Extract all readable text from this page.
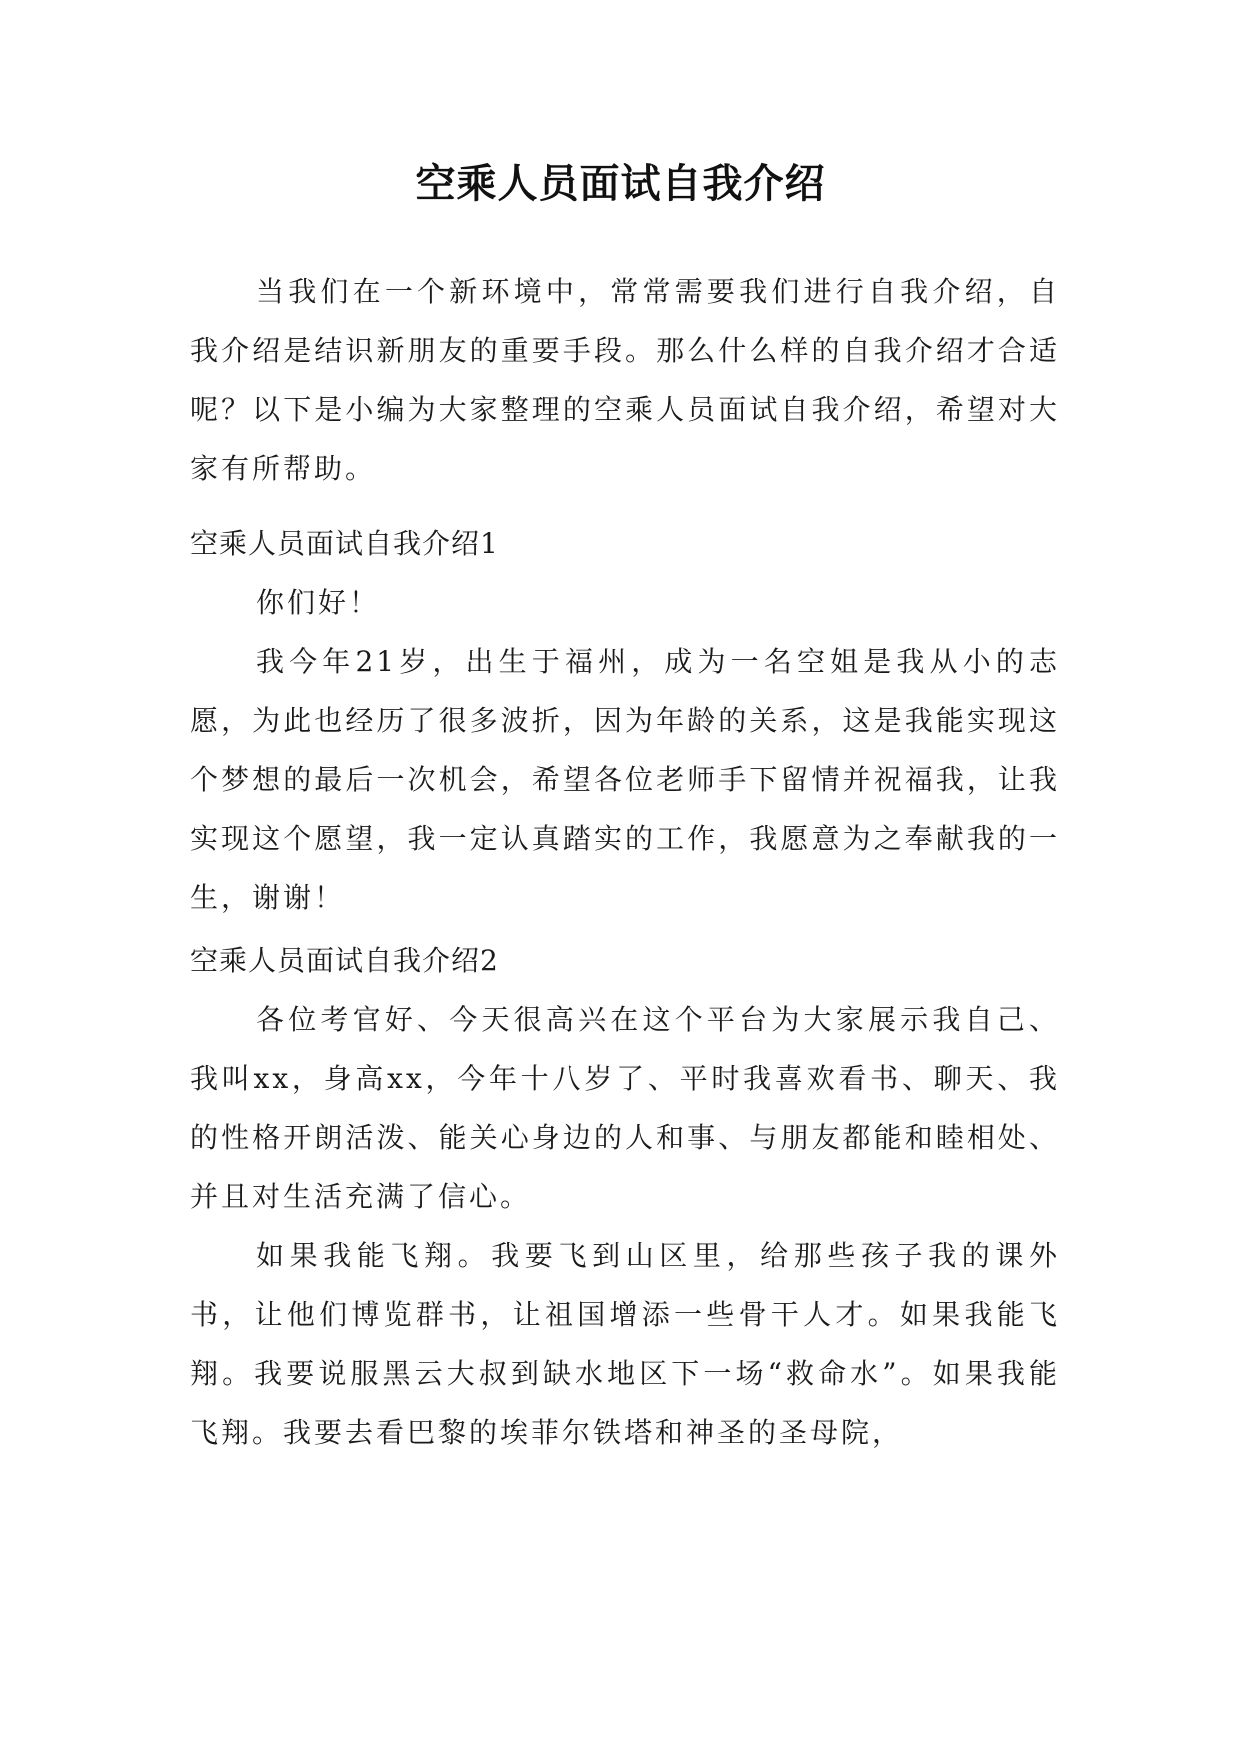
空乘人员面试自我介绍

当我们在一个新环境中，常常需要我们进行自我介绍，自我介绍是结识新朋友的重要手段。那么什么样的自我介绍才合适呢？以下是小编为大家整理的空乘人员面试自我介绍，希望对大家有所帮助。

空乘人员面试自我介绍1

你们好！

我今年21岁，出生于福州，成为一名空姐是我从小的志愿，为此也经历了很多波折，因为年龄的关系，这是我能实现这个梦想的最后一次机会，希望各位老师手下留情并祝福我，让我实现这个愿望，我一定认真踏实的工作，我愿意为之奉献我的一生，谢谢！

空乘人员面试自我介绍2

各位考官好、今天很高兴在这个平台为大家展示我自己、我叫xx，身高xx，今年十八岁了、平时我喜欢看书、聊天、我的性格开朗活泼、能关心身边的人和事、与朋友都能和睦相处、并且对生活充满了信心。

如果我能飞翔。我要飞到山区里，给那些孩子我的课外书，让他们博览群书，让祖国增添一些骨干人才。如果我能飞翔。我要说服黑云大叔到缺水地区下一场“救命水”。如果我能飞翔。我要去看巴黎的埃菲尔铁塔和神圣的圣母院，
